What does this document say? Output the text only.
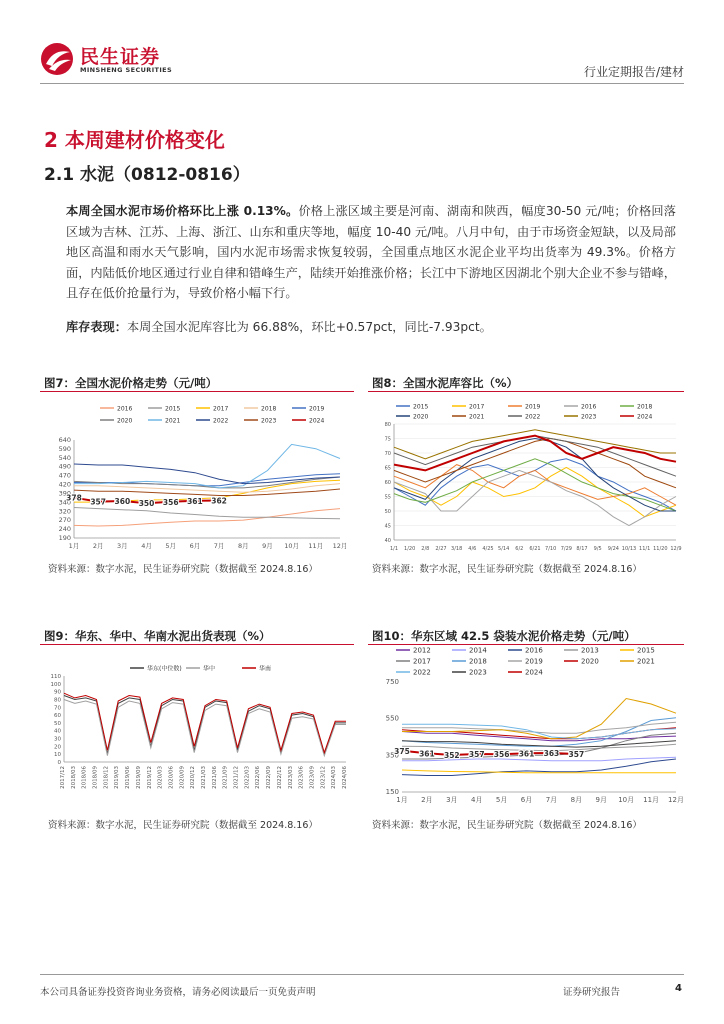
民生证券
MINSHENG SECURITIES	行业定期报告/建材
2 本周建材价格变化
2.1 水泥（0812-0816）
本周全国水泥市场价格环比上涨 0.13%。价格上涨区域主要是河南、湖南和陕西，幅度30-50 元/吨；价格回落区域为吉林、江苏、上海、浙江、山东和重庆等地，幅度 10-40 元/吨。八月中旬，由于市场资金短缺，以及局部地区高温和雨水天气影响，国内水泥市场需求恢复较弱，全国重点地区水泥企业平均出货率为 49.3%。价格方面，内陆低价地区通过行业自律和错峰生产，陆续开始推涨价格；长江中下游地区因湖北个别大企业不参与错峰，且存在低价抢量行为，导致价格小幅下行。
库存表现：本周全国水泥库容比为 66.88%，环比+0.57pct，同比-7.93pct。
图7：全国水泥价格走势（元/吨）
2016	2015	2017	2018	2019
2020	2021	2022	2023	2024
190
240
270
320
340
390
420
470
490
540
590
640
1月 2月 3月 4月 5月 6月 7月 8月 9月 10月 11月 12月
378 357 360 350 356 361 362
资料来源：数字水泥，民生证券研究院（数据截至 2024.8.16）
图8：全国水泥库容比（%）
2015	2017	2019	2016	2018
2020	2021	2022	2023	2024
40
45
50
55
60
65
70
75
80
1/1 1/20 2/8 2/27 3/18 4/6 4/25 5/14 6/2 6/21 7/10 7/29 8/17 9/5 9/24 10/13 11/1 11/20 12/9
资料来源：数字水泥，民生证券研究院（数据截至 2024.8.16）
图9：华东、华中、华南水泥出货表现（%）
华东(中位数)	华中	华南
0
10
20
30
40
50
60
70
80
90
100
110
2017/12 2018/03 2018/06 2018/09 2018/12 2019/03 2019/06 2019/09 2019/12 2020/03 2020/06 2020/09 2020/12 2021/03 2021/06 2021/09 2021/12 2022/03 2022/06 2022/09 2022/12 2023/03 2023/06 2023/09 2023/12 2024/03 2024/06
资料来源：数字水泥，民生证券研究院（数据截至 2024.8.16）
图10：华东区域 42.5 袋装水泥价格走势（元/吨）
2012	2014	2016	2013	2015
2017	2018	2019	2020	2021
2022	2023	2024
150
350
550
750
1月 2月 3月 4月 5月 6月 7月 8月 9月 10月 11月 12月
375 361 352 357 356 361 363 357
资料来源：数字水泥，民生证券研究院（数据截至 2024.8.16）
本公司具备证券投资咨询业务资格，请务必阅读最后一页免责声明	证券研究报告	4
